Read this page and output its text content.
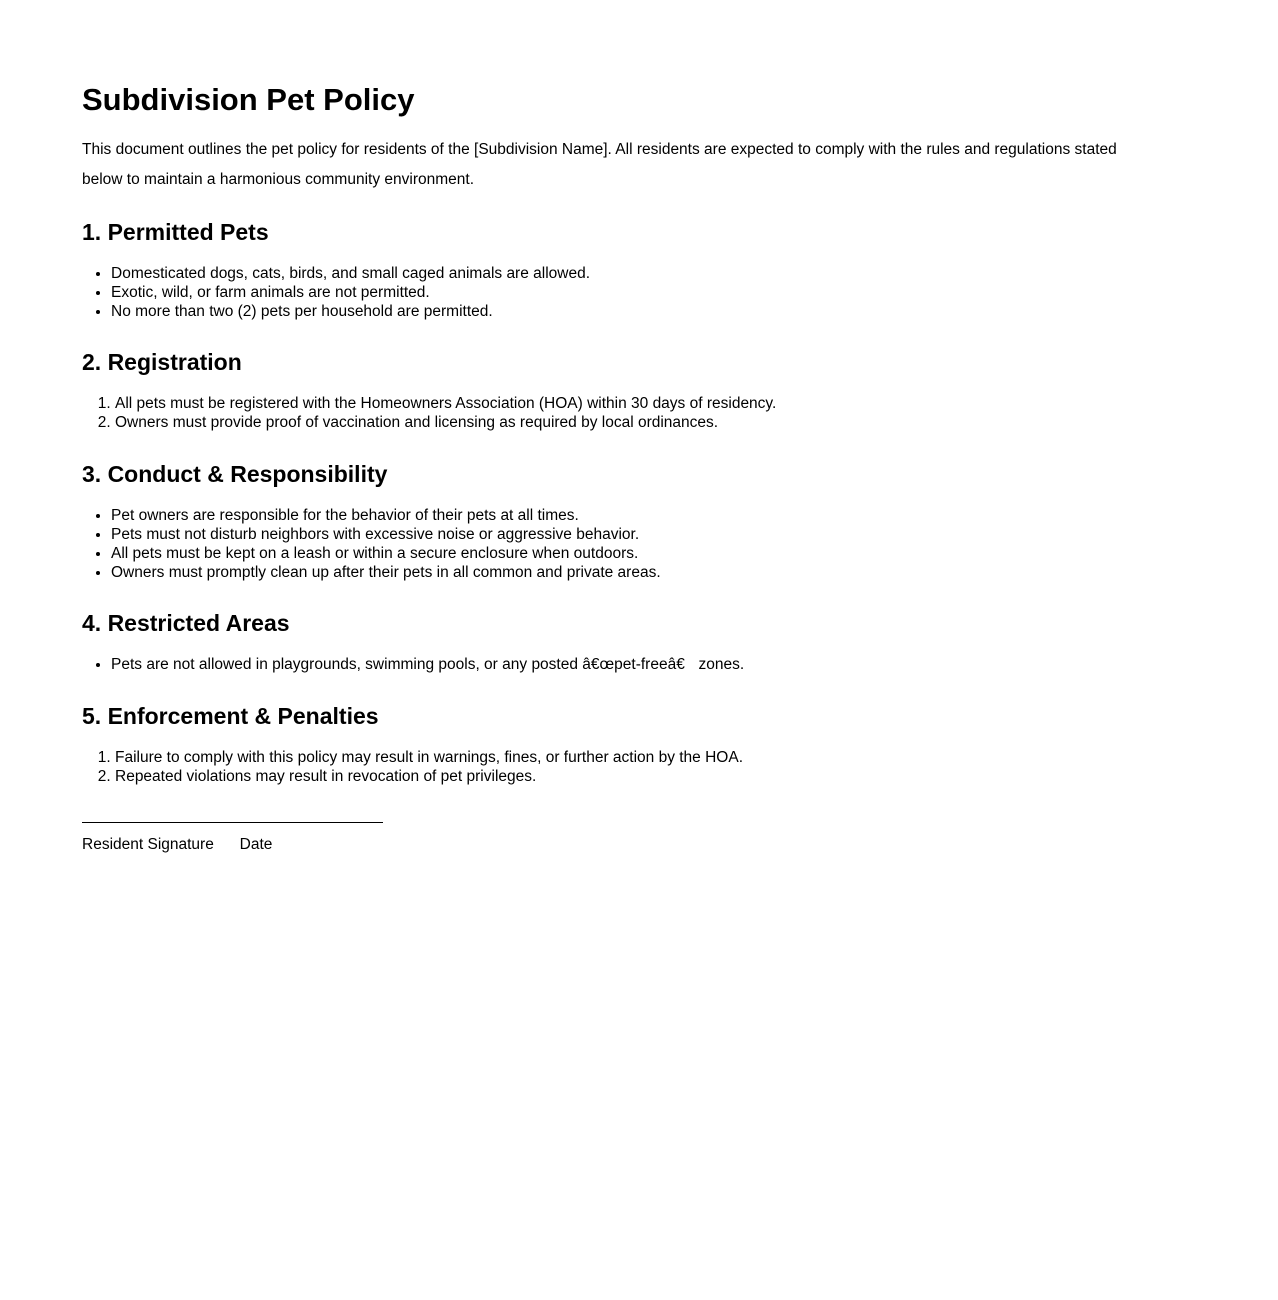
Subdivision Pet Policy

This document outlines the pet policy for residents of the [Subdivision Name]. All residents are expected to comply with the rules and regulations stated below to maintain a harmonious community environment.

1. Permitted Pets
• Domesticated dogs, cats, birds, and small caged animals are allowed.
• Exotic, wild, or farm animals are not permitted.
• No more than two (2) pets per household are permitted.
2. Registration
1. All pets must be registered with the Homeowners Association (HOA) within 30 days of residency.
2. Owners must provide proof of vaccination and licensing as required by local ordinances.
3. Conduct & Responsibility
• Pet owners are responsible for the behavior of their pets at all times.
• Pets must not disturb neighbors with excessive noise or aggressive behavior.
• All pets must be kept on a leash or within a secure enclosure when outdoors.
• Owners must promptly clean up after their pets in all common and private areas.
4. Restricted Areas
• Pets are not allowed in playgrounds, swimming pools, or any posted â€œpet-freeâ€ zones.
5. Enforcement & Penalties
1. Failure to comply with this policy may result in warnings, fines, or further action by the HOA.
2. Repeated violations may result in revocation of pet privileges.
Resident Signature      Date
